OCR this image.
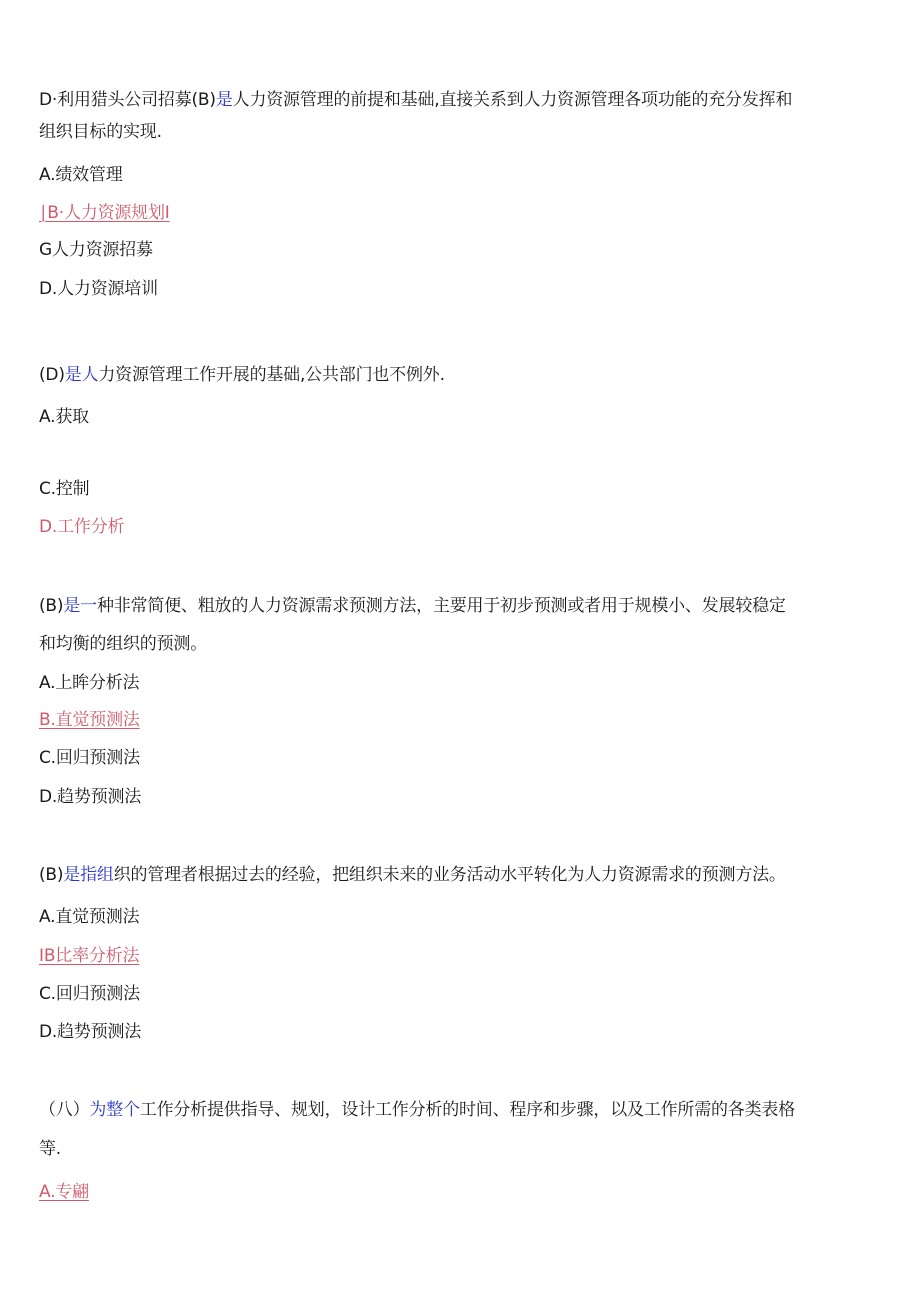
D·利用猎头公司招募(B)是人力资源管理的前提和基础,直接关系到人力资源管理各项功能的充分发挥和
组织目标的实现.
A.绩效管理
∣B·人力资源规划I
G人力资源招募
D.人力资源培训
(D)是人力资源管理工作开展的基础,公共部门也不例外.
A.获取
C.控制
D.工作分析
(B)是一种非常简便、粗放的人力资源需求预测方法，主要用于初步预测或者用于规模小、发展较稳定
和均衡的组织的预测。
A.上眸分析法
B.直觉预测法
C.回归预测法
D.趋势预测法
(B)是指组织的管理者根据过去的经验，把组织未来的业务活动水平转化为人力资源需求的预测方法。
A.直觉预测法
IB比率分析法
C.回归预测法
D.趋势预测法
（八）为整个工作分析提供指导、规划，设计工作分析的时间、程序和步骤，以及工作所需的各类表格
等.
A.专翩
